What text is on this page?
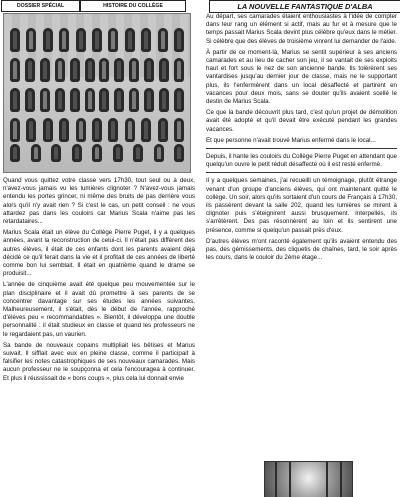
DOSSIER SPÉCIAL	HISTOIRE DU COLLÈGE	LA NOUVELLE FANTASTIQUE D'ALBA

Quand vous quittez votre classe vers 17h30, tout seul ou à deux, n'avez-vous jamais vu les lumières clignoter ? N'avez-vous jamais entendu les portes grincer, ni même des bruits de pas derrière vous alors qu'il n'y avait rien ? Si c'est le cas, un petit conseil : ne vous attardez pas dans les couloirs car Marius Scala n'aime pas les retardataires...

Marius Scala était un élève du Collège Pierre Puget, il y a quelques années, avant la reconstruction de celui-ci. Il n'était pas différent des autres élèves, il était de ces enfants dont les parents avaient déjà décidé ce qu'il ferait dans la vie et il profitait de ces années de liberté comme bon lui semblait. Il était en quatrième quand le drame se produisit...

L'année de cinquième avait été quelque peu mouvementée sur le plan disciplinaire et il avait dû promettre à ses parents de se concentrer davantage sur ses études les années suivantes. Malheureusement, il s'était, dès le début de l'année, rapproché d'élèves peu « recommandables ». Bientôt, il développa une double personnalité : il était studieux en classe et quand les professeurs ne le regardaient pas, un vaurien.

Sa bande de nouveaux copains multipliait les bêtises et Marius suivait. Il sifflait avec eux en pleine classe, comme il participait à falsifier les notes catastrophiques de ses nouveaux camarades. Mais aucun professeur ne le soupçonna et cela l'encouragea à continuer. Et plus il réussissait de « bons coups », plus cela lui donnait envie

Au départ, ses camarades étaient enthousiastes à l'idée de compter dans leur rang un élément si actif, mais au fur et à mesure que le temps passait Marius Scala devint plus célèbre qu'eux dans le métier. Si célèbre que des élèves de troisième vinrent lui demander de l'aide.

À partir de ce moment-là, Marius se sentit supérieur à ses anciens camarades et au lieu de cacher son jeu, il se vantait de ses exploits haut et fort sous le nez de son ancienne bande. Ils tolérèrent ses vantardises jusqu'au dernier jour de classe, mais ne le supportant plus, ils l'enfermèrent dans un local désaffecté et partirent en vacances pour deux mois, sans se douter qu'ils avaient scellé le destin de Marius Scala.

Ce que la bande découvrit plus tard, c'est qu'un projet de démolition avait été adopté et qu'il devait être exécuté pendant les grandes vacances.

Et que personne n'avait trouvé Marius enfermé dans le local...

Depuis, il hante les couloirs du Collège Pierre Puget en attendant que quelqu'un ouvre le petit réduit désaffecté où il est resté enfermé.

Il y a quelques semaines, j'ai recueilli un témoignage, plutôt étrange venant d'un groupe d'anciens élèves, qui ont maintenant quitté le collège. Un soir, alors qu'ils sortaient d'un cours de Français à 17h30, ils passèrent devant la salle 202, quand les lumières se mirent à clignoter puis s'éteignirent aussi brusquement. Interpellés, ils s'arrêtèrent. Des pas résonnèrent au loin et ils sentirent une présence, comme si quelqu'un passait près d'eux.

D'autres élèves m'ont raconté également qu'ils avaient entendu des pas, des gémissements, des cliquetis de chaînes, tard, le soir après les cours, dans le couloir du 2ème étage...
